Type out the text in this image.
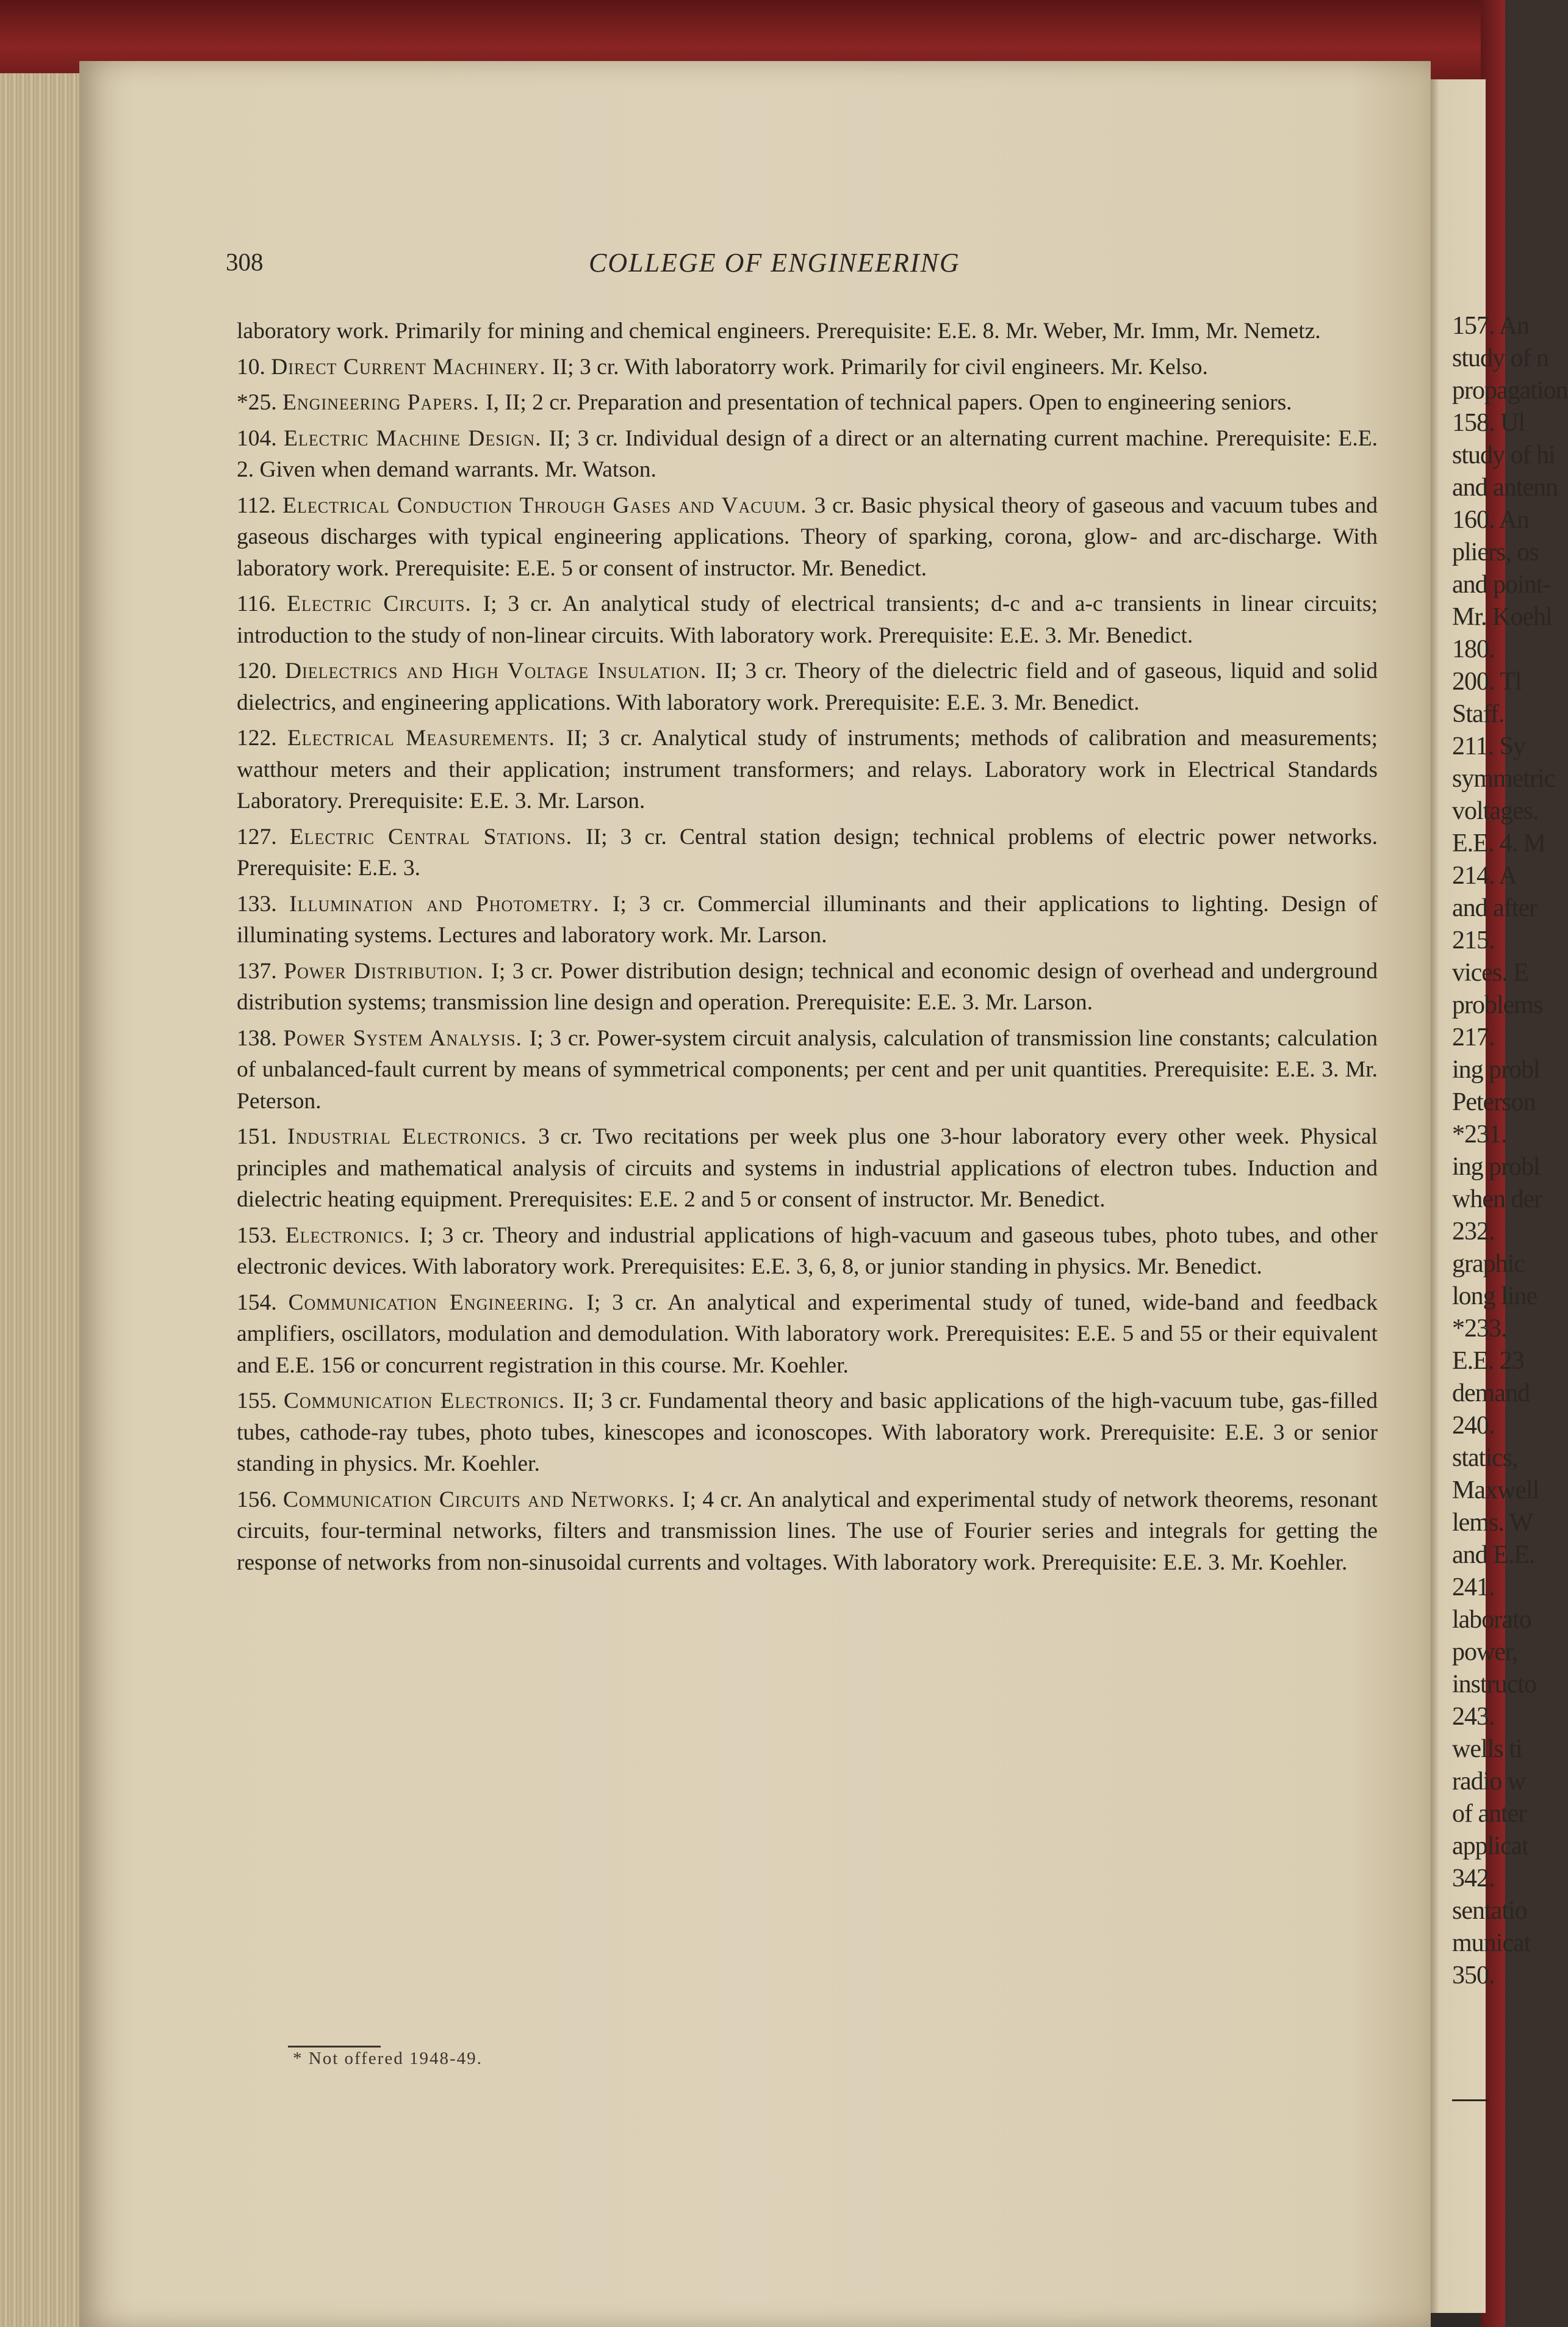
157. An
study of n
propagation
158. Ul
study of hi
and antenn
160. An
pliers, os
and point-
Mr. Koehl
180.
200. Tl
Staff.
211. Sy
symmetric
voltages.
E.E. 4. M
214. A
and after
215.
vices. E
problems
217.
ing probl
Peterson
*231.
ing probl
when der
232.
graphic
long line
*233.
E.E. 23
demand
240.
statics,
Maxwell
lems. W
and E.E.
241.
laborato
power,
instructo
243.
wells ti
radio w
of anter
applicat
342.
sentatio
municat
350.
308	COLLEGE OF ENGINEERING

laboratory work. Primarily for mining and chemical engineers. Prerequisite: E.E. 8. Mr. Weber, Mr. Imm, Mr. Nemetz.

10. Direct Current Machinery. II; 3 cr. With laboratorry work. Primarily for civil engineers. Mr. Kelso.

*25. Engineering Papers. I, II; 2 cr. Preparation and presentation of technical papers. Open to engineering seniors.

104. Electric Machine Design. II; 3 cr. Individual design of a direct or an alternating current machine. Prerequisite: E.E. 2. Given when demand warrants. Mr. Watson.

112. Electrical Conduction Through Gases and Vacuum. 3 cr. Basic physical theory of gaseous and vacuum tubes and gaseous discharges with typical engineering applications. Theory of sparking, corona, glow- and arc-discharge. With laboratory work. Prerequisite: E.E. 5 or consent of instructor. Mr. Benedict.

116. Electric Circuits. I; 3 cr. An analytical study of electrical transients; d-c and a-c transients in linear circuits; introduction to the study of non-linear circuits. With laboratory work. Prerequisite: E.E. 3. Mr. Benedict.

120. Dielectrics and High Voltage Insulation. II; 3 cr. Theory of the dielectric field and of gaseous, liquid and solid dielectrics, and engineering applications. With laboratory work. Prerequisite: E.E. 3. Mr. Benedict.

122. Electrical Measurements. II; 3 cr. Analytical study of instruments; methods of calibration and measurements; watthour meters and their application; instrument transformers; and relays. Laboratory work in Electrical Standards Laboratory. Prerequisite: E.E. 3. Mr. Larson.

127. Electric Central Stations. II; 3 cr. Central station design; technical problems of electric power networks. Prerequisite: E.E. 3.

133. Illumination and Photometry. I; 3 cr. Commercial illuminants and their applications to lighting. Design of illuminating systems. Lectures and laboratory work. Mr. Larson.

137. Power Distribution. I; 3 cr. Power distribution design; technical and economic design of overhead and underground distribution systems; transmission line design and operation. Prerequisite: E.E. 3. Mr. Larson.

138. Power System Analysis. I; 3 cr. Power-system circuit analysis, calculation of transmission line constants; calculation of unbalanced-fault current by means of symmetrical components; per cent and per unit quantities. Prerequisite: E.E. 3. Mr. Peterson.

151. Industrial Electronics. 3 cr. Two recitations per week plus one 3-hour laboratory every other week. Physical principles and mathematical analysis of circuits and systems in industrial applications of electron tubes. Induction and dielectric heating equipment. Prerequisites: E.E. 2 and 5 or consent of instructor. Mr. Benedict.

153. Electronics. I; 3 cr. Theory and industrial applications of high-vacuum and gaseous tubes, photo tubes, and other electronic devices. With laboratory work. Prerequisites: E.E. 3, 6, 8, or junior standing in physics. Mr. Benedict.

154. Communication Engineering. I; 3 cr. An analytical and experimental study of tuned, wide-band and feedback amplifiers, oscillators, modulation and demodulation. With laboratory work. Prerequisites: E.E. 5 and 55 or their equivalent and E.E. 156 or concurrent registration in this course. Mr. Koehler.

155. Communication Electronics. II; 3 cr. Fundamental theory and basic applications of the high-vacuum tube, gas-filled tubes, cathode-ray tubes, photo tubes, kinescopes and iconoscopes. With laboratory work. Prerequisite: E.E. 3 or senior standing in physics. Mr. Koehler.

156. Communication Circuits and Networks. I; 4 cr. An analytical and experimental study of network theorems, resonant circuits, four-terminal networks, filters and transmission lines. The use of Fourier series and integrals for getting the response of networks from non-sinusoidal currents and voltages. With laboratory work. Prerequisite: E.E. 3. Mr. Koehler.

* Not offered 1948-49.
